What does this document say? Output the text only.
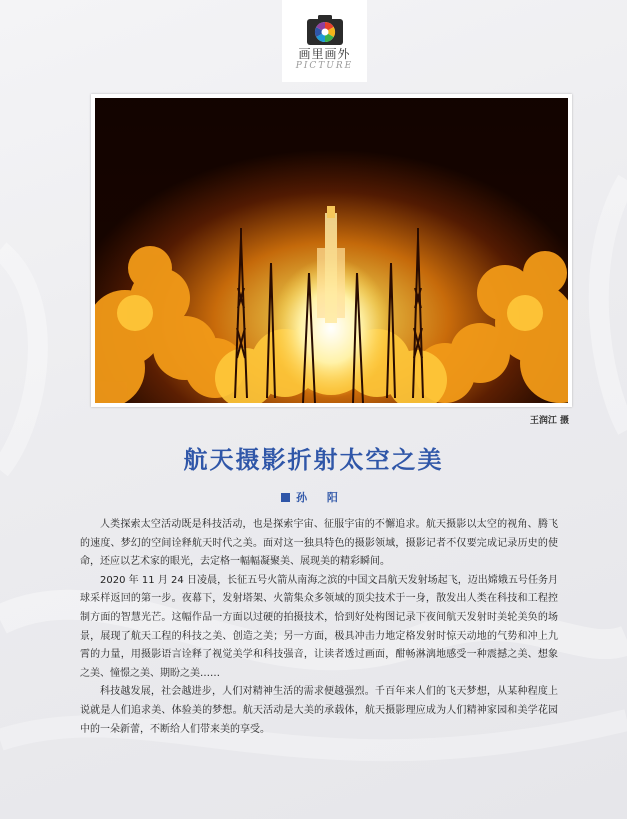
画里画外
PICTURE
王润江 摄
航天摄影折射太空之美
孙 阳

人类探索太空活动既是科技活动，也是探索宇宙、征服宇宙的不懈追求。航天摄影以太空的视角、腾飞的速度、梦幻的空间诠释航天时代之美。面对这一独具特色的摄影领域，摄影记者不仅要完成记录历史的使命，还应以艺术家的眼光，去定格一幅幅凝聚美、展现美的精彩瞬间。

2020 年 11 月 24 日凌晨，长征五号火箭从南海之滨的中国文昌航天发射场起飞，迈出嫦娥五号任务月球采样返回的第一步。夜幕下，发射塔架、火箭集众多领域的顶尖技术于一身，散发出人类在科技和工程控制方面的智慧光芒。这幅作品一方面以过硬的拍摄技术，恰到好处构图记录下夜间航天发射时美轮美奂的场景，展现了航天工程的科技之美、创造之美；另一方面，极具冲击力地定格发射时惊天动地的气势和冲上九霄的力量，用摄影语言诠释了视觉美学和科技强音，让读者透过画面，酣畅淋漓地感受一种震撼之美、想象之美、憧憬之美、期盼之美……

科技越发展，社会越进步，人们对精神生活的需求便越强烈。千百年来人们的飞天梦想，从某种程度上说就是人们追求美、体验美的梦想。航天活动是大美的承载体，航天摄影理应成为人们精神家园和美学花园中的一朵新蕾，不断给人们带来美的享受。
